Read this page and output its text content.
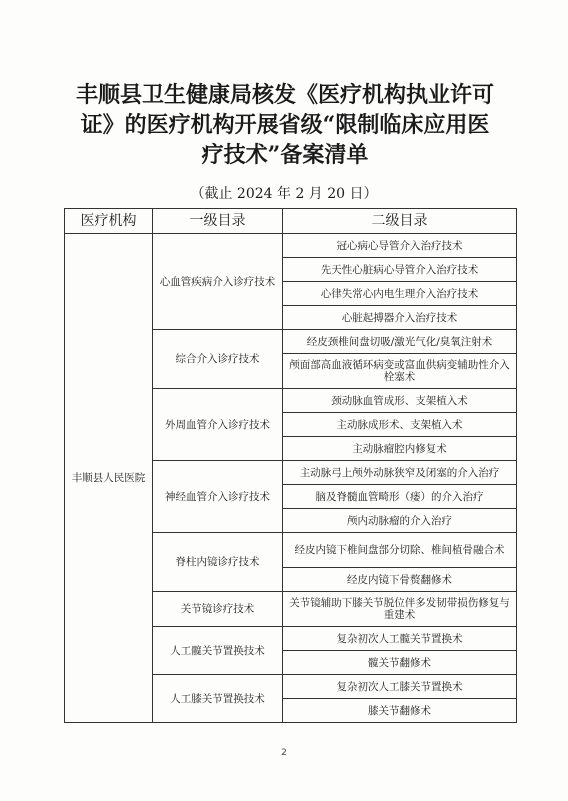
丰顺县卫生健康局核发《医疗机构执业许可证》的医疗机构开展省级“限制临床应用医疗技术”备案清单
（截止 2024 年 2 月 20 日）
医疗机构	一级目录	二级目录
丰顺县人民医院	心血管疾病介入诊疗技术	冠心病心导管介入治疗技术
		先天性心脏病心导管介入治疗技术
		心律失常心内电生理介入治疗技术
		心脏起搏器介入治疗技术
	综合介入诊疗技术	经皮颈椎间盘切吸/激光气化/臭氧注射术
		颅面部高血液循环病变或富血供病变辅助性介入栓塞术
	外周血管介入诊疗技术	颈动脉血管成形、支架植入术
		主动脉成形术、支架植入术
		主动脉瘤腔内修复术
	神经血管介入诊疗技术	主动脉弓上颅外动脉狭窄及闭塞的介入治疗
		脑及脊髓血管畸形（瘘）的介入治疗
		颅内动脉瘤的介入治疗
	脊柱内镜诊疗技术	经皮内镜下椎间盘部分切除、椎间植骨融合术
		经皮内镜下骨赘翻修术
	关节镜诊疗技术	关节镜辅助下膝关节脱位伴多发韧带损伤修复与重建术
	人工髋关节置换技术	复杂初次人工髋关节置换术
		髋关节翻修术
	人工膝关节置换技术	复杂初次人工膝关节置换术
		膝关节翻修术
2
